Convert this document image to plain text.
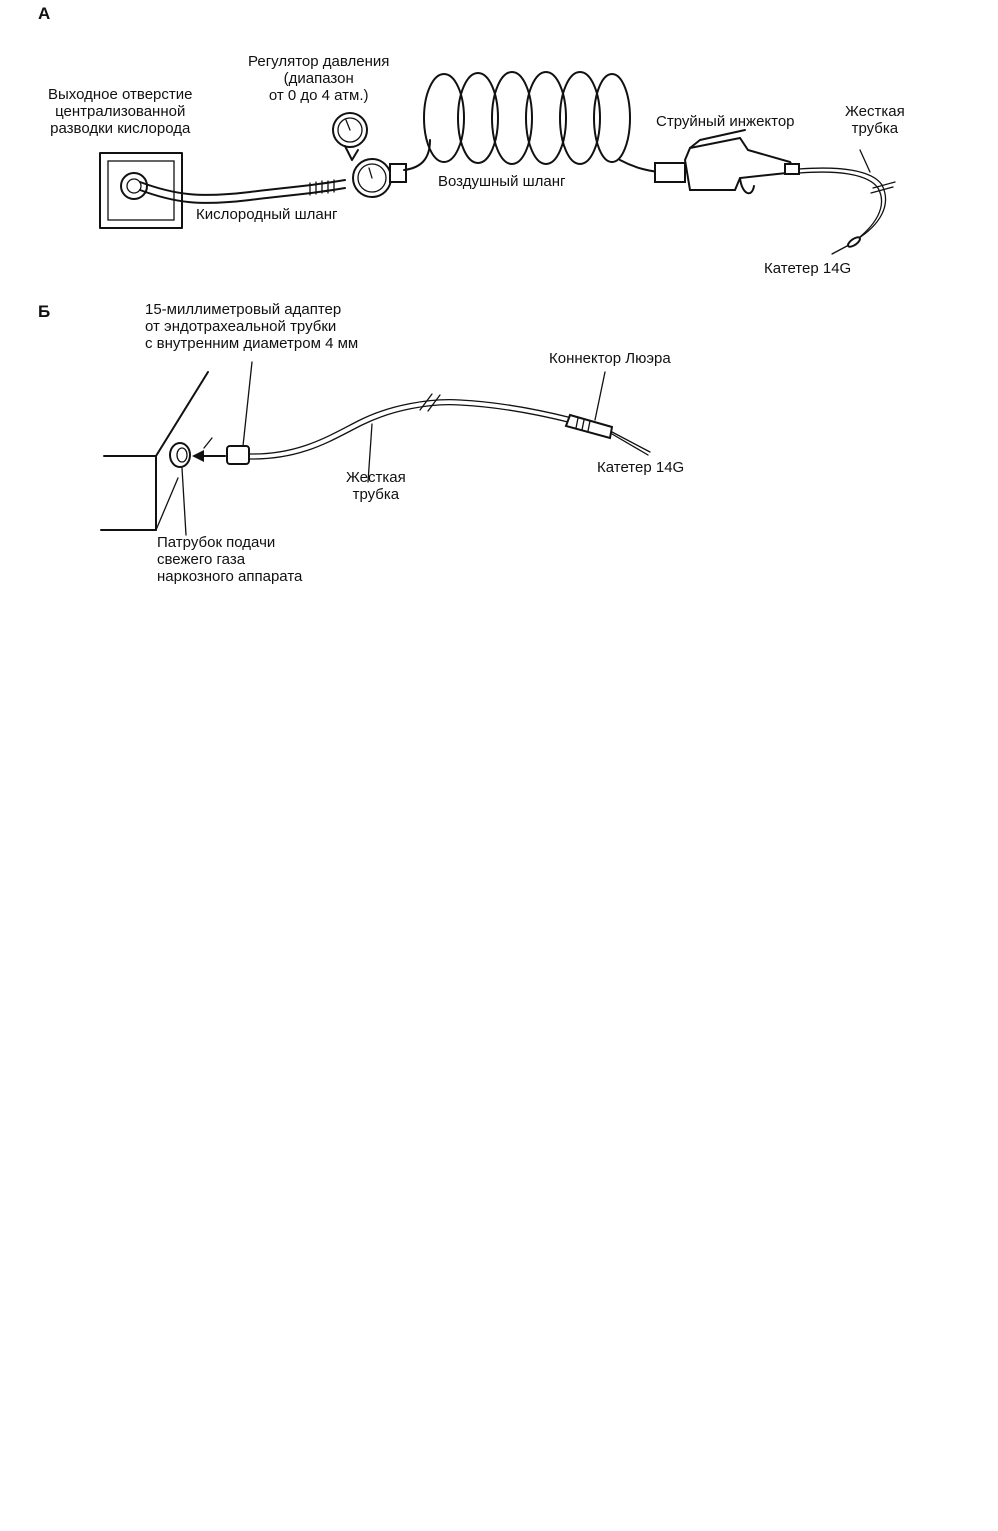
А
Б
Выходное отверстие
централизованной
разводки кислорода
Регулятор давления
(диапазон
от 0 до 4 атм.)
Кислородный шланг
Воздушный шланг
Струйный инжектор
Жесткая
трубка
Катетер 14G
15-миллиметровый адаптер
от эндотрахеальной трубки
с внутренним диаметром 4 мм
Коннектор Люэра
Катетер 14G
Жесткая
трубка
Патрубок подачи
свежего газа
наркозного аппарата
